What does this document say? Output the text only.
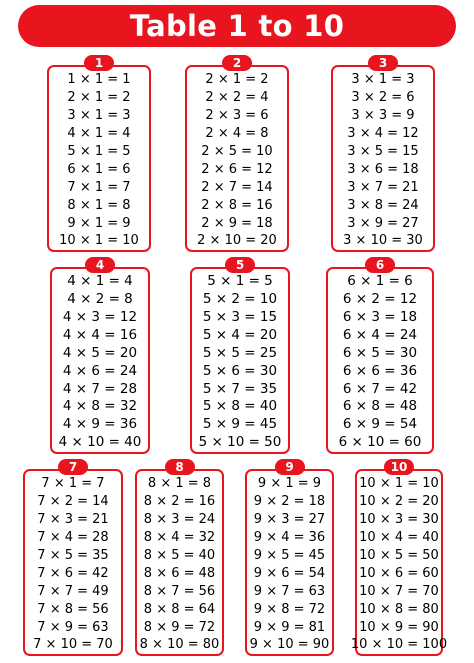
Table 1 to 10
1
1 × 1 = 1
2 × 1 = 2
3 × 1 = 3
4 × 1 = 4
5 × 1 = 5
6 × 1 = 6
7 × 1 = 7
8 × 1 = 8
9 × 1 = 9
10 × 1 = 10
2
2 × 1 = 2
2 × 2 = 4
2 × 3 = 6
2 × 4 = 8
2 × 5 = 10
2 × 6 = 12
2 × 7 = 14
2 × 8 = 16
2 × 9 = 18
2 × 10 = 20
3
3 × 1 = 3
3 × 2 = 6
3 × 3 = 9
3 × 4 = 12
3 × 5 = 15
3 × 6 = 18
3 × 7 = 21
3 × 8 = 24
3 × 9 = 27
3 × 10 = 30
4
4 × 1 = 4
4 × 2 = 8
4 × 3 = 12
4 × 4 = 16
4 × 5 = 20
4 × 6 = 24
4 × 7 = 28
4 × 8 = 32
4 × 9 = 36
4 × 10 = 40
5
5 × 1 = 5
5 × 2 = 10
5 × 3 = 15
5 × 4 = 20
5 × 5 = 25
5 × 6 = 30
5 × 7 = 35
5 × 8 = 40
5 × 9 = 45
5 × 10 = 50
6
6 × 1 = 6
6 × 2 = 12
6 × 3 = 18
6 × 4 = 24
6 × 5 = 30
6 × 6 = 36
6 × 7 = 42
6 × 8 = 48
6 × 9 = 54
6 × 10 = 60
7
7 × 1 = 7
7 × 2 = 14
7 × 3 = 21
7 × 4 = 28
7 × 5 = 35
7 × 6 = 42
7 × 7 = 49
7 × 8 = 56
7 × 9 = 63
7 × 10 = 70
8
8 × 1 = 8
8 × 2 = 16
8 × 3 = 24
8 × 4 = 32
8 × 5 = 40
8 × 6 = 48
8 × 7 = 56
8 × 8 = 64
8 × 9 = 72
8 × 10 = 80
9
9 × 1 = 9
9 × 2 = 18
9 × 3 = 27
9 × 4 = 36
9 × 5 = 45
9 × 6 = 54
9 × 7 = 63
9 × 8 = 72
9 × 9 = 81
9 × 10 = 90
10
10 × 1 = 10
10 × 2 = 20
10 × 3 = 30
10 × 4 = 40
10 × 5 = 50
10 × 6 = 60
10 × 7 = 70
10 × 8 = 80
10 × 9 = 90
10 × 10 = 100
